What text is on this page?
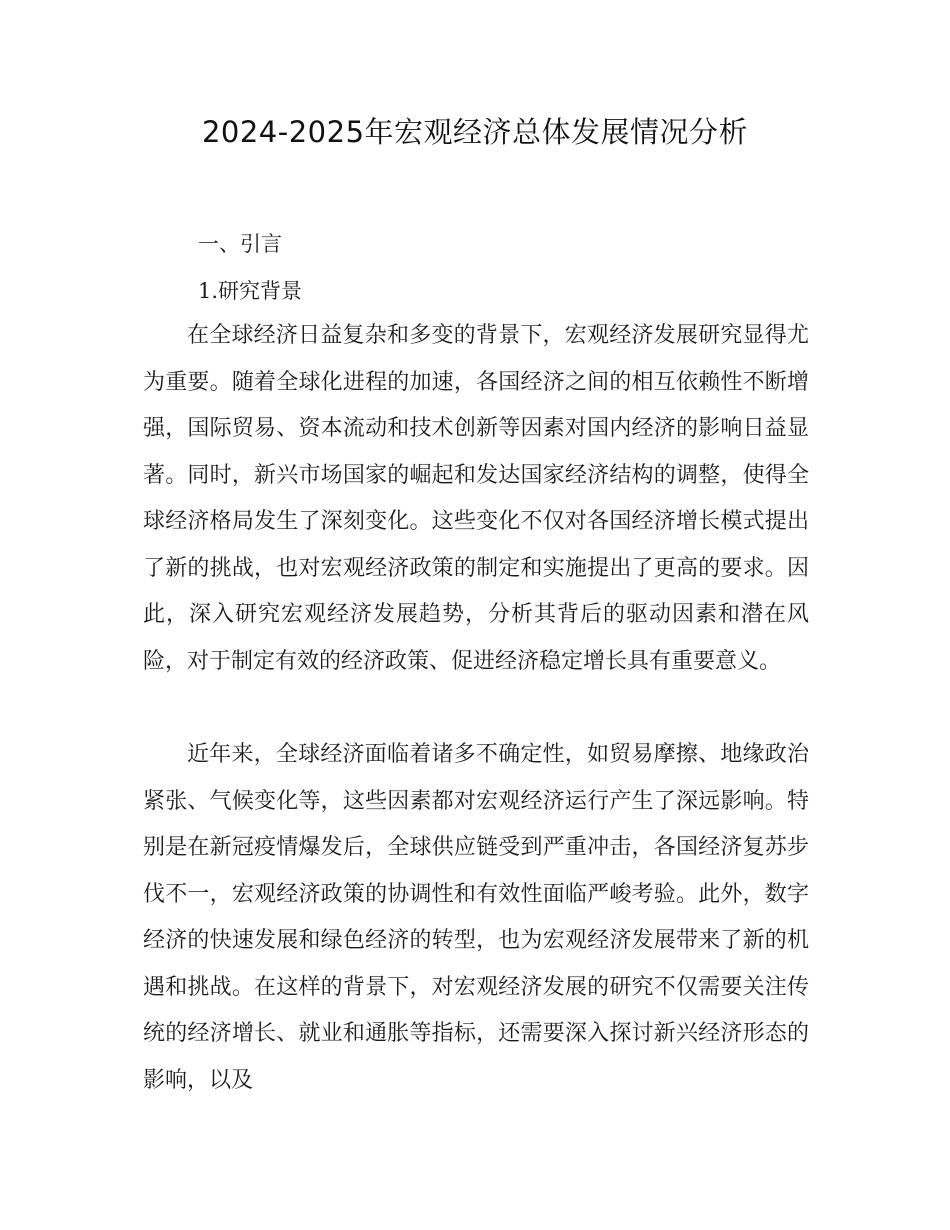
2024-2025年宏观经济总体发展情况分析
一、引言
1.研究背景

在全球经济日益复杂和多变的背景下，宏观经济发展研究显得尤为重要。随着全球化进程的加速，各国经济之间的相互依赖性不断增强，国际贸易、资本流动和技术创新等因素对国内经济的影响日益显著。同时，新兴市场国家的崛起和发达国家经济结构的调整，使得全球经济格局发生了深刻变化。这些变化不仅对各国经济增长模式提出了新的挑战，也对宏观经济政策的制定和实施提出了更高的要求。因此，深入研究宏观经济发展趋势，分析其背后的驱动因素和潜在风险，对于制定有效的经济政策、促进经济稳定增长具有重要意义。

近年来，全球经济面临着诸多不确定性，如贸易摩擦、地缘政治紧张、气候变化等，这些因素都对宏观经济运行产生了深远影响。特别是在新冠疫情爆发后，全球供应链受到严重冲击，各国经济复苏步伐不一，宏观经济政策的协调性和有效性面临严峻考验。此外，数字经济的快速发展和绿色经济的转型，也为宏观经济发展带来了新的机遇和挑战。在这样的背景下，对宏观经济发展的研究不仅需要关注传统的经济增长、就业和通胀等指标，还需要深入探讨新兴经济形态的影响，以及
